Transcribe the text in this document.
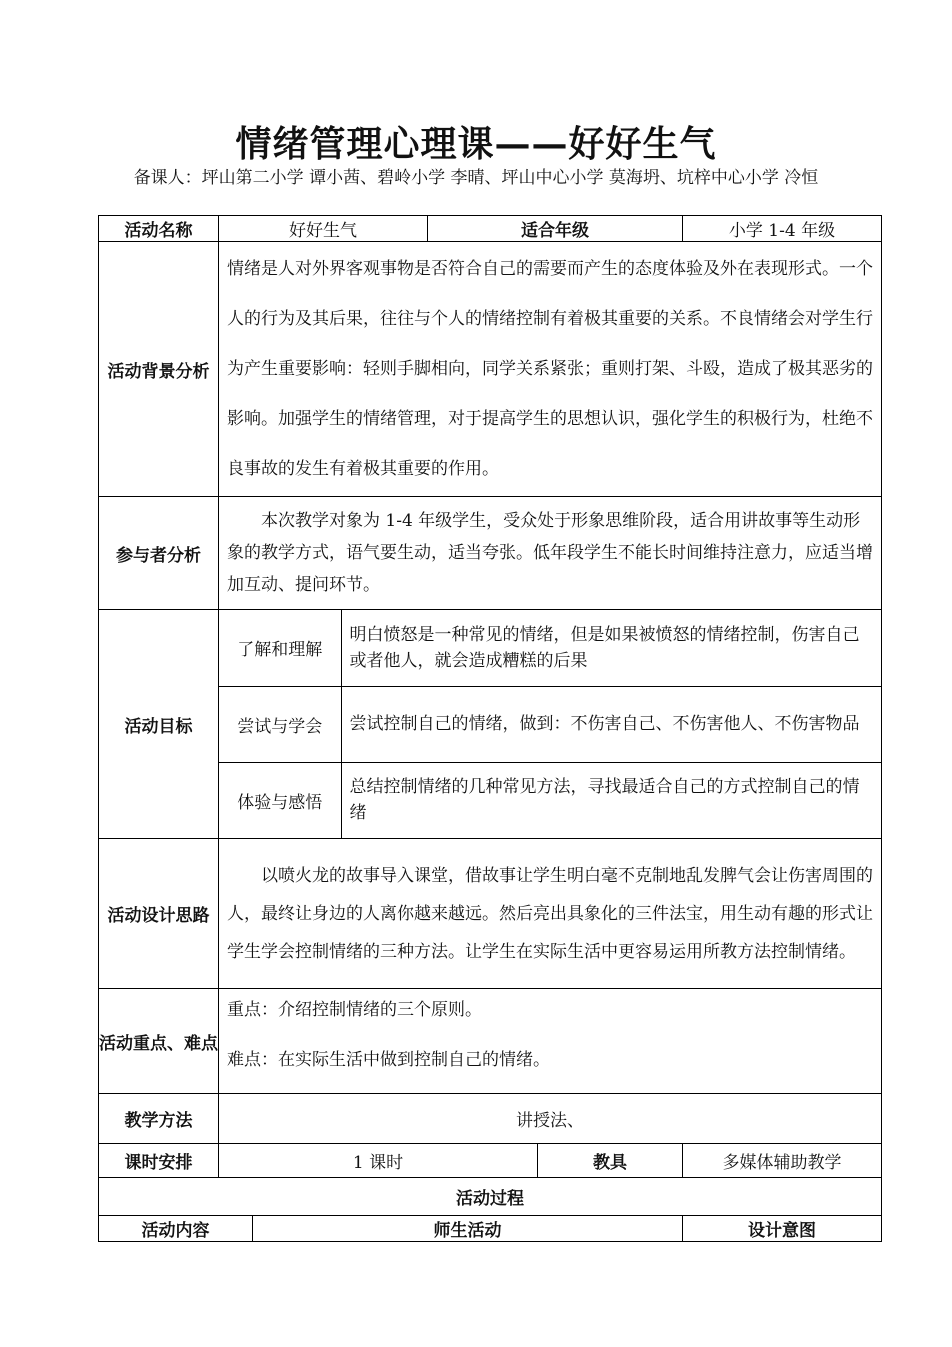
情绪管理心理课——好好生气
备课人：坪山第二小学 谭小茜、碧岭小学 李晴、坪山中心小学 莫海坍、坑梓中心小学 冷恒
活动名称	好好生气	适合年级	小学 1-4 年级
活动背景分析	情绪是人对外界客观事物是否符合自己的需要而产生的态度体验及外在表现形式。一个人的行为及其后果，往往与个人的情绪控制有着极其重要的关系。不良情绪会对学生行为产生重要影响：轻则手脚相向，同学关系紧张；重则打架、斗殴，造成了极其恶劣的影响。加强学生的情绪管理，对于提高学生的思想认识，强化学生的积极行为，杜绝不良事故的发生有着极其重要的作用。
参与者分析	本次教学对象为 1-4 年级学生，受众处于形象思维阶段，适合用讲故事等生动形象的教学方式，语气要生动，适当夸张。低年段学生不能长时间维持注意力，应适当增加互动、提问环节。
活动目标	
了解和理解	明白愤怒是一种常见的情绪，但是如果被愤怒的情绪控制，伤害自己或者他人，就会造成糟糕的后果
尝试与学会	尝试控制自己的情绪，做到：不伤害自己、不伤害他人、不伤害物品
体验与感悟	总结控制情绪的几种常见方法，寻找最适合自己的方式控制自己的情绪

活动设计思路	以喷火龙的故事导入课堂，借故事让学生明白毫不克制地乱发脾气会让伤害周围的人，最终让身边的人离你越来越远。然后亮出具象化的三件法宝，用生动有趣的形式让学生学会控制情绪的三种方法。让学生在实际生活中更容易运用所教方法控制情绪。
活动重点、难点	
重点：介绍控制情绪的三个原则。
难点：在实际生活中做到控制自己的情绪。

教学方法	讲授法、
课时安排	1 课时	教具	多媒体辅助教学
活动过程
活动内容	师生活动	设计意图
